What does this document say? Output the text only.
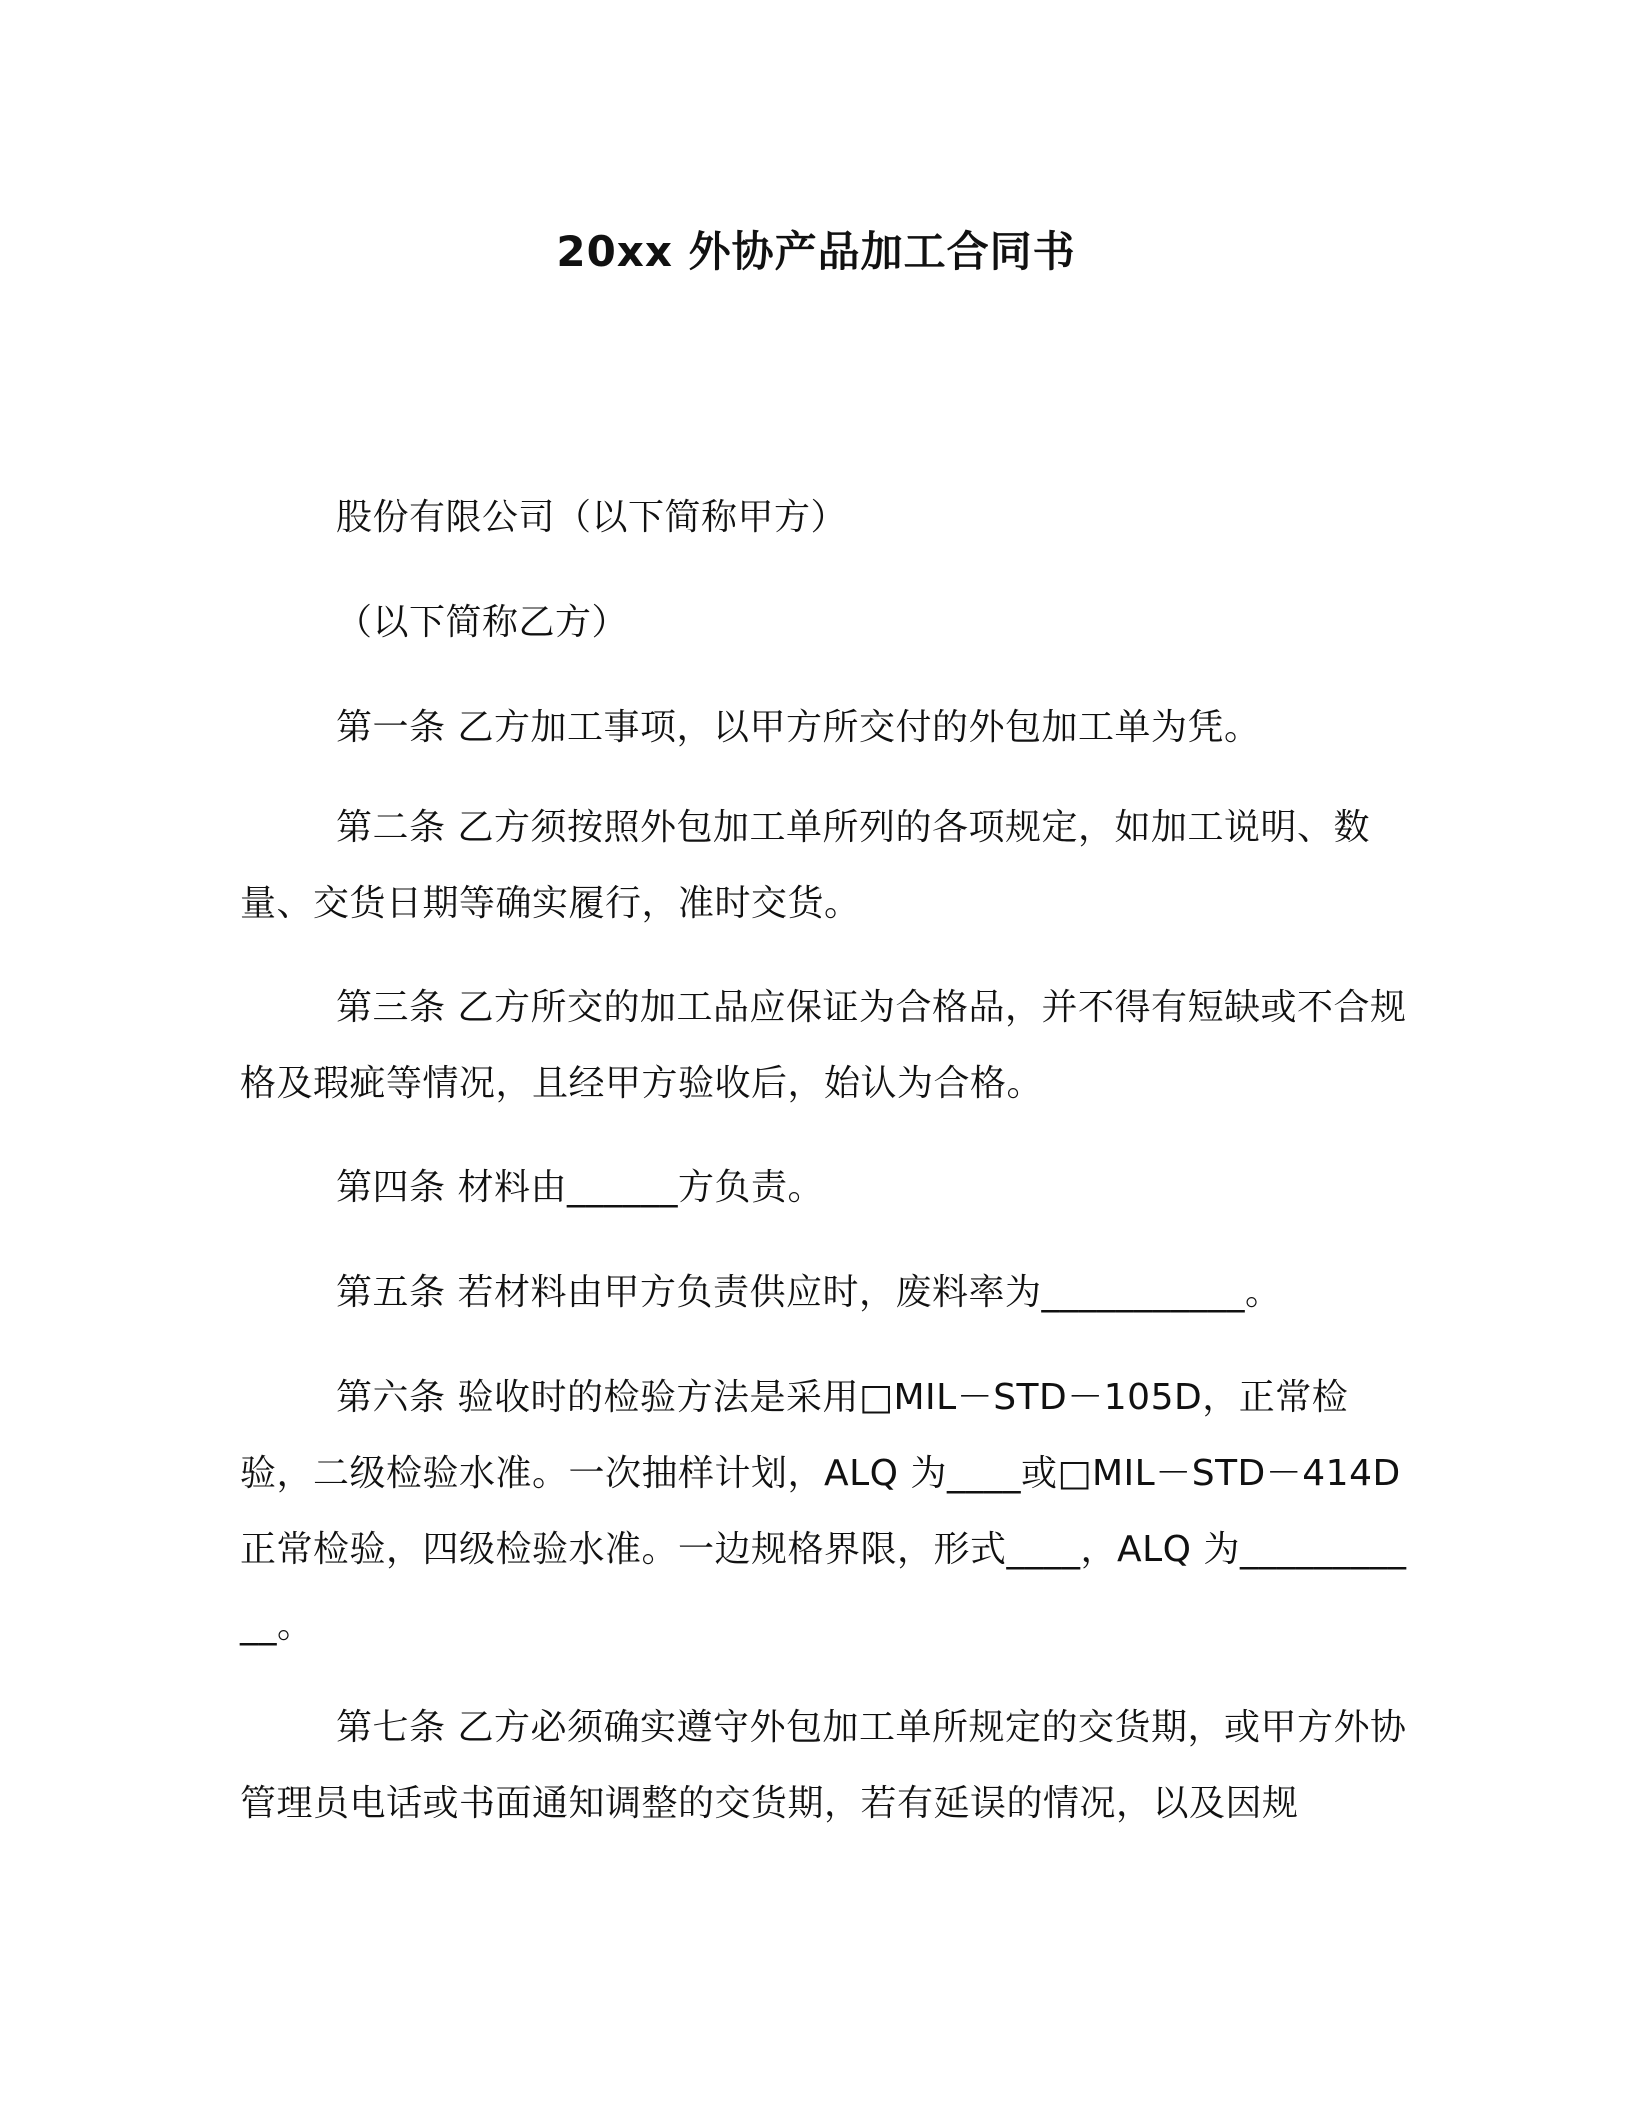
20xx 外协产品加工合同书

股份有限公司（以下简称甲方）

（以下简称乙方）

第一条 乙方加工事项，以甲方所交付的外包加工单为凭。

第二条 乙方须按照外包加工单所列的各项规定，如加工说明、数量、交货日期等确实履行，准时交货。

第三条 乙方所交的加工品应保证为合格品，并不得有短缺或不合规格及瑕疵等情况，且经甲方验收后，始认为合格。

第四条 材料由______方负责。

第五条 若材料由甲方负责供应时，废料率为___________。

第六条 验收时的检验方法是采用□MIL－STD－105D，正常检验，二级检验水准。一次抽样计划，ALQ 为____或□MIL－STD－414D 正常检验，四级检验水准。一边规格界限，形式____，ALQ 为___________。

第七条 乙方必须确实遵守外包加工单所规定的交货期，或甲方外协管理员电话或书面通知调整的交货期，若有延误的情况，以及因规
